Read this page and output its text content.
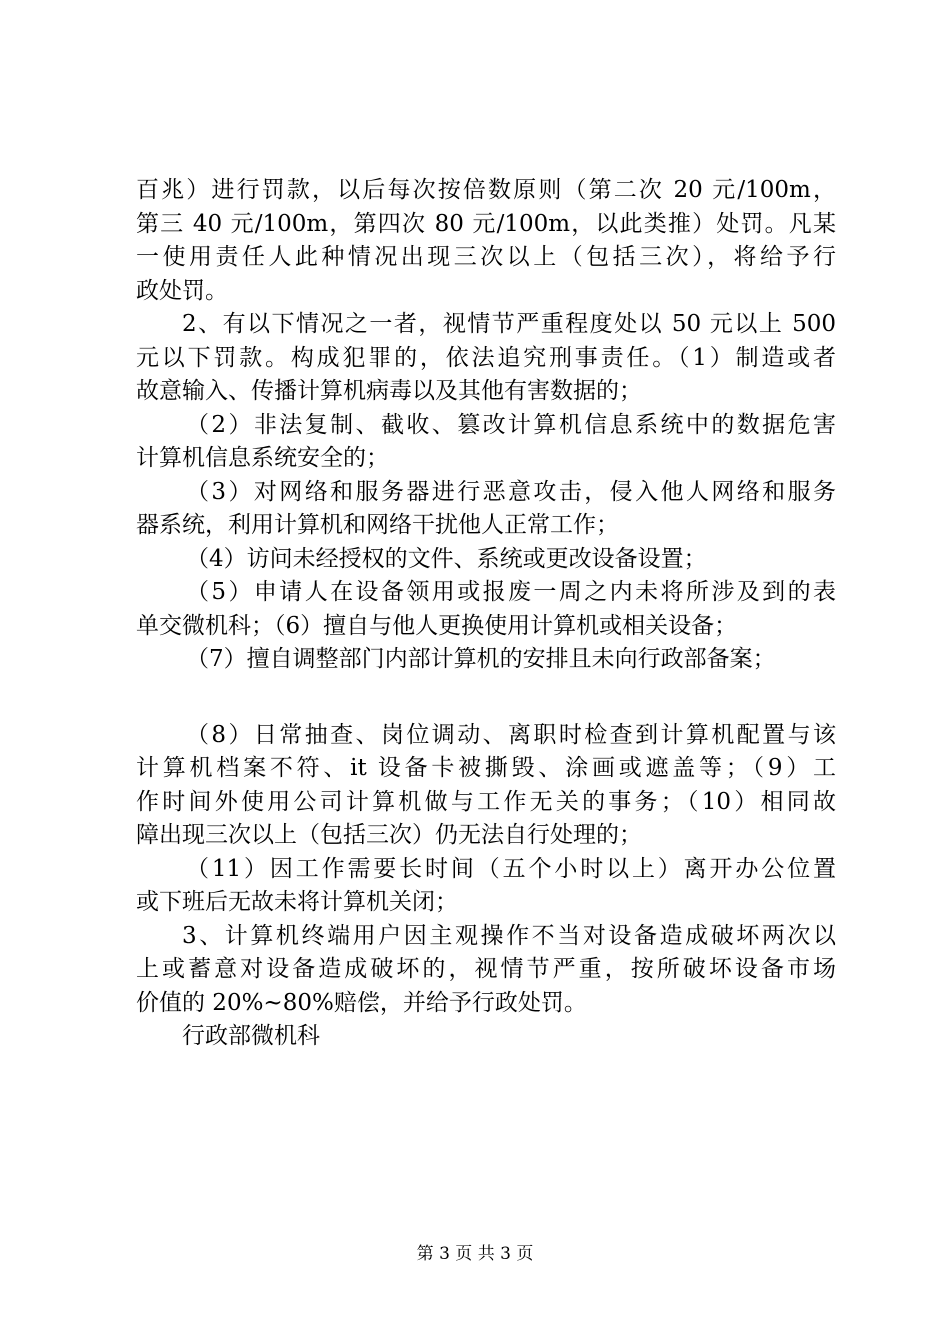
百兆）进行罚款，以后每次按倍数原则（第二次 20 元/100m，
第三 40 元/100m，第四次 80 元/100m，以此类推）处罚。凡某
一使用责任人此种情况出现三次以上（包括三次），将给予行
政处罚。
2、有以下情况之一者，视情节严重程度处以 50 元以上 500
元以下罚款。构成犯罪的，依法追究刑事责任。（1）制造或者
故意输入、传播计算机病毒以及其他有害数据的；
（2）非法复制、截收、篡改计算机信息系统中的数据危害
计算机信息系统安全的；
（3）对网络和服务器进行恶意攻击，侵入他人网络和服务
器系统，利用计算机和网络干扰他人正常工作；
（4）访问未经授权的文件、系统或更改设备设置；
（5）申请人在设备领用或报废一周之内未将所涉及到的表
单交微机科；（6）擅自与他人更换使用计算机或相关设备；
（7）擅自调整部门内部计算机的安排且未向行政部备案；
（8）日常抽查、岗位调动、离职时检查到计算机配置与该
计算机档案不符、it 设备卡被撕毁、涂画或遮盖等；（9）工
作时间外使用公司计算机做与工作无关的事务；（10）相同故
障出现三次以上（包括三次）仍无法自行处理的；
（11）因工作需要长时间（五个小时以上）离开办公位置
或下班后无故未将计算机关闭；
3、计算机终端用户因主观操作不当对设备造成破坏两次以
上或蓄意对设备造成破坏的，视情节严重，按所破坏设备市场
价值的 20%~80%赔偿，并给予行政处罚。
行政部微机科
第 3 页 共 3 页
